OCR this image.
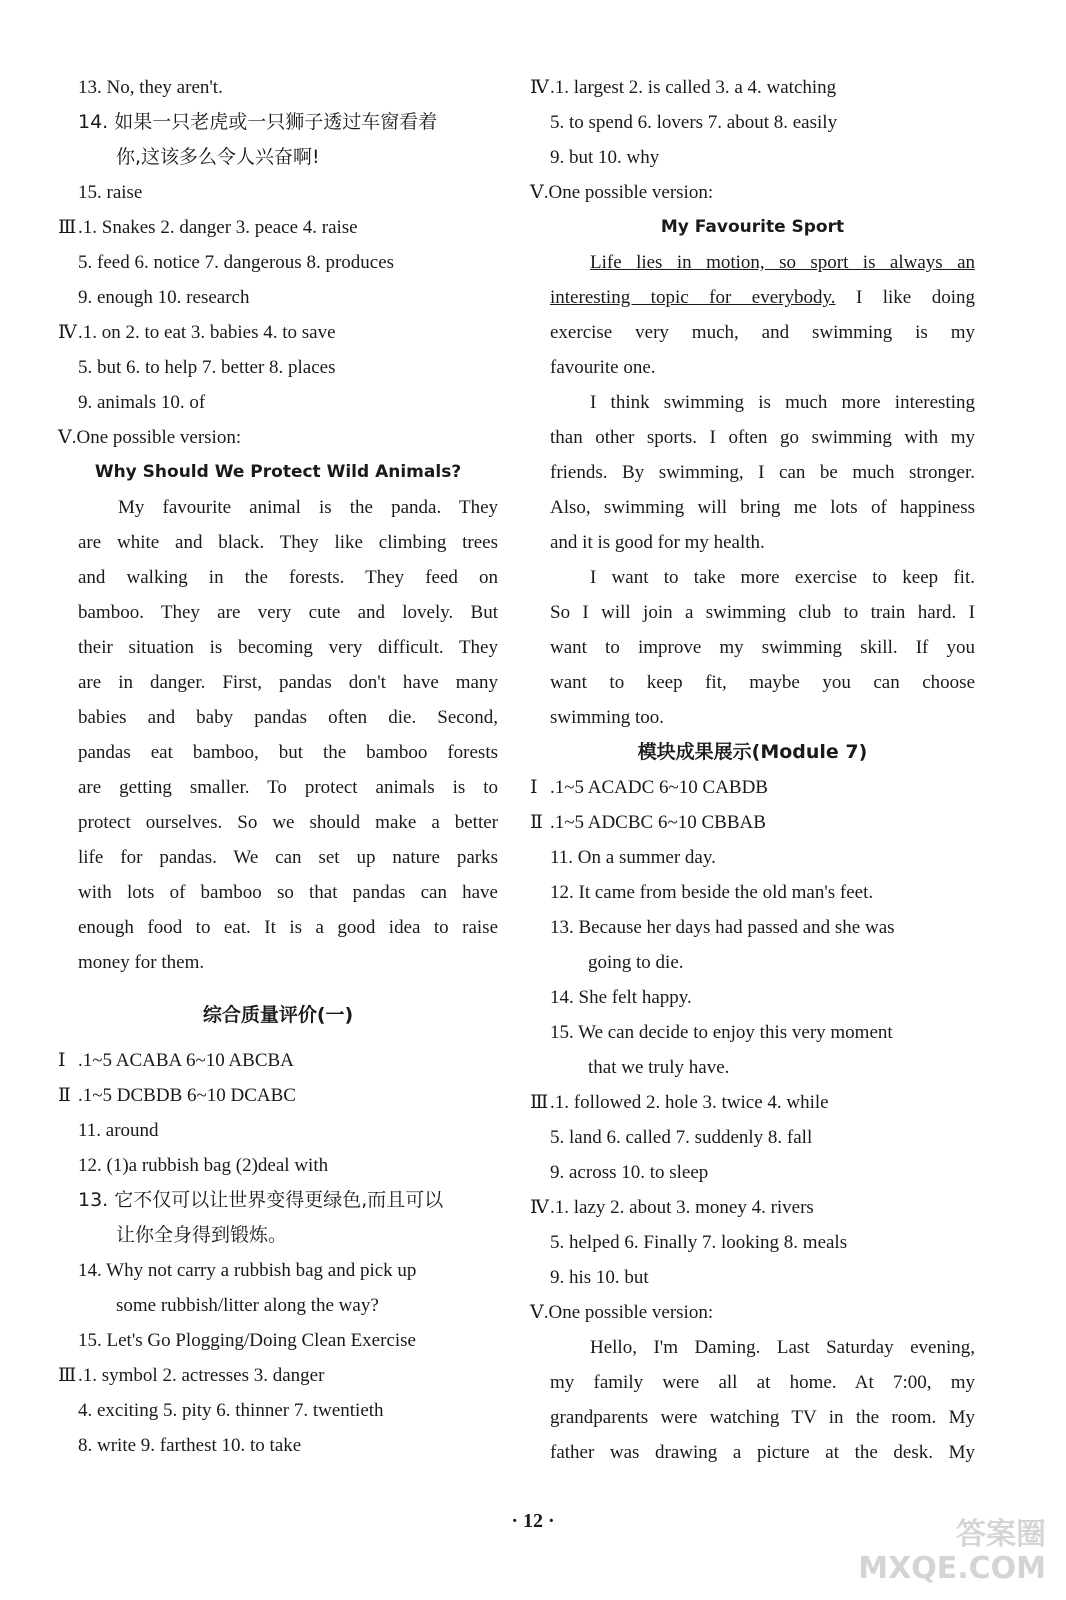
13. No, they aren't.
14. 如果一只老虎或一只狮子透过车窗看着
你,这该多么令人兴奋啊!
15. raise
Ⅲ.1. Snakes 2. danger 3. peace 4. raise
5. feed 6. notice 7. dangerous 8. produces
9. enough 10. research
Ⅳ.1. on 2. to eat 3. babies 4. to save
5. but 6. to help 7. better 8. places
9. animals 10. of
Ⅴ.One possible version:
Why Should We Protect Wild Animals?
My favourite animal is the panda. They
are white and black. They like climbing trees
and walking in the forests. They feed on
bamboo. They are very cute and lovely. But
their situation is becoming very difficult. They
are in danger. First, pandas don't have many
babies and baby pandas often die. Second,
pandas eat bamboo, but the bamboo forests
are getting smaller. To protect animals is to
protect ourselves. So we should make a better
life for pandas. We can set up nature parks
with lots of bamboo so that pandas can have
enough food to eat. It is a good idea to raise
money for them.
综合质量评价(一)
Ⅰ .1~5 ACABA 6~10 ABCBA
Ⅱ .1~5 DCBDB 6~10 DCABC
11. around
12. (1)a rubbish bag (2)deal with
13. 它不仅可以让世界变得更绿色,而且可以
让你全身得到锻炼。
14. Why not carry a rubbish bag and pick up
some rubbish/litter along the way?
15. Let's Go Plogging/Doing Clean Exercise
Ⅲ.1. symbol 2. actresses 3. danger
4. exciting 5. pity 6. thinner 7. twentieth
8. write 9. farthest 10. to take
Ⅳ.1. largest 2. is called 3. a 4. watching
5. to spend 6. lovers 7. about 8. easily
9. but 10. why
Ⅴ.One possible version:
My Favourite Sport
Life lies in motion, so sport is always an
interesting topic for everybody. I like doing
exercise very much, and swimming is my
favourite one.
I think swimming is much more interesting
than other sports. I often go swimming with my
friends. By swimming, I can be much stronger.
Also, swimming will bring me lots of happiness
and it is good for my health.
I want to take more exercise to keep fit.
So I will join a swimming club to train hard. I
want to improve my swimming skill. If you
want to keep fit, maybe you can choose
swimming too.
模块成果展示(Module 7)
Ⅰ .1~5 ACADC 6~10 CABDB
Ⅱ .1~5 ADCBC 6~10 CBBAB
11. On a summer day.
12. It came from beside the old man's feet.
13. Because her days had passed and she was
going to die.
14. She felt happy.
15. We can decide to enjoy this very moment
that we truly have.
Ⅲ.1. followed 2. hole 3. twice 4. while
5. land 6. called 7. suddenly 8. fall
9. across 10. to sleep
Ⅳ.1. lazy 2. about 3. money 4. rivers
5. helped 6. Finally 7. looking 8. meals
9. his 10. but
Ⅴ.One possible version:
Hello, I'm Daming. Last Saturday evening,
my family were all at home. At 7:00, my
grandparents were watching TV in the room. My
father was drawing a picture at the desk. My
· 12 ·	答案圈
MXQE.COM
